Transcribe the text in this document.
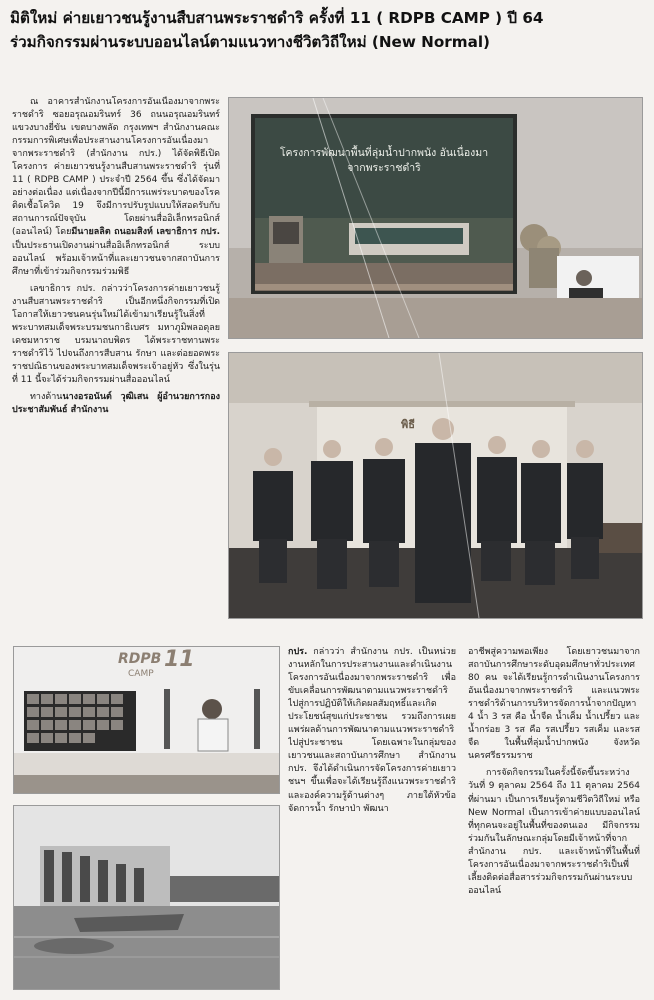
มิติใหม่ ค่ายเยาวชนรู้งานสืบสานพระราชดำริ ครั้งที่ 11 ( RDPB CAMP ) ปี 64
ร่วมกิจกรรมผ่านระบบออนไลน์ตามแนวทางชีวิตวิถีใหม่ (New Normal)

ณ อาคารสำนักงานโครงการอันเนื่องมาจากพระราชดำริ ซอยอรุณอมรินทร์ 36 ถนนอรุณอมรินทร์ แขวงบางยี่ขัน เขตบางพลัด กรุงเทพฯ สำนักงานคณะกรรมการพิเศษเพื่อประสานงานโครงการอันเนื่องมาจากพระราชดำริ (สำนักงาน กปร.) ได้จัดพิธีเปิดโครงการ ค่ายเยาวชนรู้งานสืบสานพระราชดำริ รุ่นที่ 11 ( RDPB CAMP ) ประจำปี 2564 ขึ้น ซึ่งได้จัดมาอย่างต่อเนื่อง แต่เนื่องจากปีนี้มีการแพร่ระบาดของโรคติดเชื้อโควิด 19 จึงมีการปรับรูปแบบให้สอดรับกับสถานการณ์ปัจจุบัน โดยผ่านสื่ออิเล็กทรอนิกส์ (ออนไลน์) โดยมีนายลลิต ถนอมสิงห์ เลขาธิการ กปร. เป็นประธานเปิดงานผ่านสื่ออิเล็กทรอนิกส์ ระบบออนไลน์ พร้อมเจ้าหน้าที่และเยาวชนจากสถาบันการศึกษาที่เข้าร่วมกิจกรรมร่วมพิธี

เลขาธิการ กปร. กล่าวว่าโครงการค่ายเยาวชนรู้งานสืบสานพระราชดำริ เป็นอีกหนึ่งกิจกรรมที่เปิดโอกาสให้เยาวชนคนรุ่นใหม่ได้เข้ามาเรียนรู้ในสิ่งที่พระบาทสมเด็จพระบรมชนกาธิเบศร มหาภูมิพลอดุลยเดชมหาราช บรมนาถบพิตร ได้พระราชทานพระราชดำริไว้ ไปจนถึงการสืบสาน รักษา และต่อยอดพระราชปณิธานของพระบาทสมเด็จพระเจ้าอยู่หัว ซึ่งในรุ่นที่ 11 นี้จะได้ร่วมกิจกรรมผ่านสื่อออนไลน์

ทางด้านนางอรอนันต์ วุฒิเสน ผู้อำนวยการกองประชาสัมพันธ์ สำนักงาน

โครงการพัฒนาพื้นที่ลุ่มน้ำปากพนัง อันเนื่องมาจากพระราชดำริ
พิธี
RDPB 11
CAMP

กปร. กล่าวว่า สำนักงาน กปร. เป็นหน่วยงานหลักในการประสานงานและดำเนินงานโครงการอันเนื่องมาจากพระราชดำริ เพื่อขับเคลื่อนการพัฒนาตามแนวพระราชดำริไปสู่การปฏิบัติให้เกิดผลสัมฤทธิ์และเกิดประโยชน์สุขแก่ประชาชน รวมถึงการเผยแพร่ผลด้านการพัฒนาตามแนวพระราชดำริไปสู่ประชาชน โดยเฉพาะในกลุ่มของเยาวชนและสถาบันการศึกษา สำนักงาน กปร. จึงได้ดำเนินการจัดโครงการค่ายเยาวชนฯ ขึ้นเพื่อจะได้เรียนรู้ถึงแนวพระราชดำริและองค์ความรู้ด้านต่างๆ ภายใต้หัวข้อ จัดการน้ำ รักษาป่า พัฒนา

อาชีพสู่ความพอเพียง โดยเยาวชนมาจากสถาบันการศึกษาระดับอุดมศึกษาทั่วประเทศ 80 คน จะได้เรียนรู้การดำเนินงานโครงการอันเนื่องมาจากพระราชดำริ และแนวพระราชดำริด้านการบริหารจัดการน้ำจากปัญหา 4 น้ำ 3 รส คือ น้ำจืด น้ำเค็ม น้ำเปรี้ยว และน้ำกร่อย 3 รส คือ รสเปรี้ยว รสเค็ม และรสจืด ในพื้นที่ลุ่มน้ำปากพนัง จังหวัดนครศรีธรรมราช

การจัดกิจกรรมในครั้งนี้จัดขึ้นระหว่างวันที่ 9 ตุลาคม 2564 ถึง 11 ตุลาคม 2564 ที่ผ่านมา เป็นการเรียนรู้ตามชีวิตวิถีใหม่ หรือ New Normal เป็นการเข้าค่ายแบบออนไลน์ที่ทุกคนจะอยู่ในพื้นที่ของตนเอง มีกิจกรรมร่วมกันในลักษณะกลุ่มโดยมีเจ้าหน้าที่จากสำนักงาน กปร. และเจ้าหน้าที่ในพื้นที่โครงการอันเนื่องมาจากพระราชดำริเป็นพี่เลี้ยงติดต่อสื่อสารร่วมกิจกรรมกันผ่านระบบออนไลน์
